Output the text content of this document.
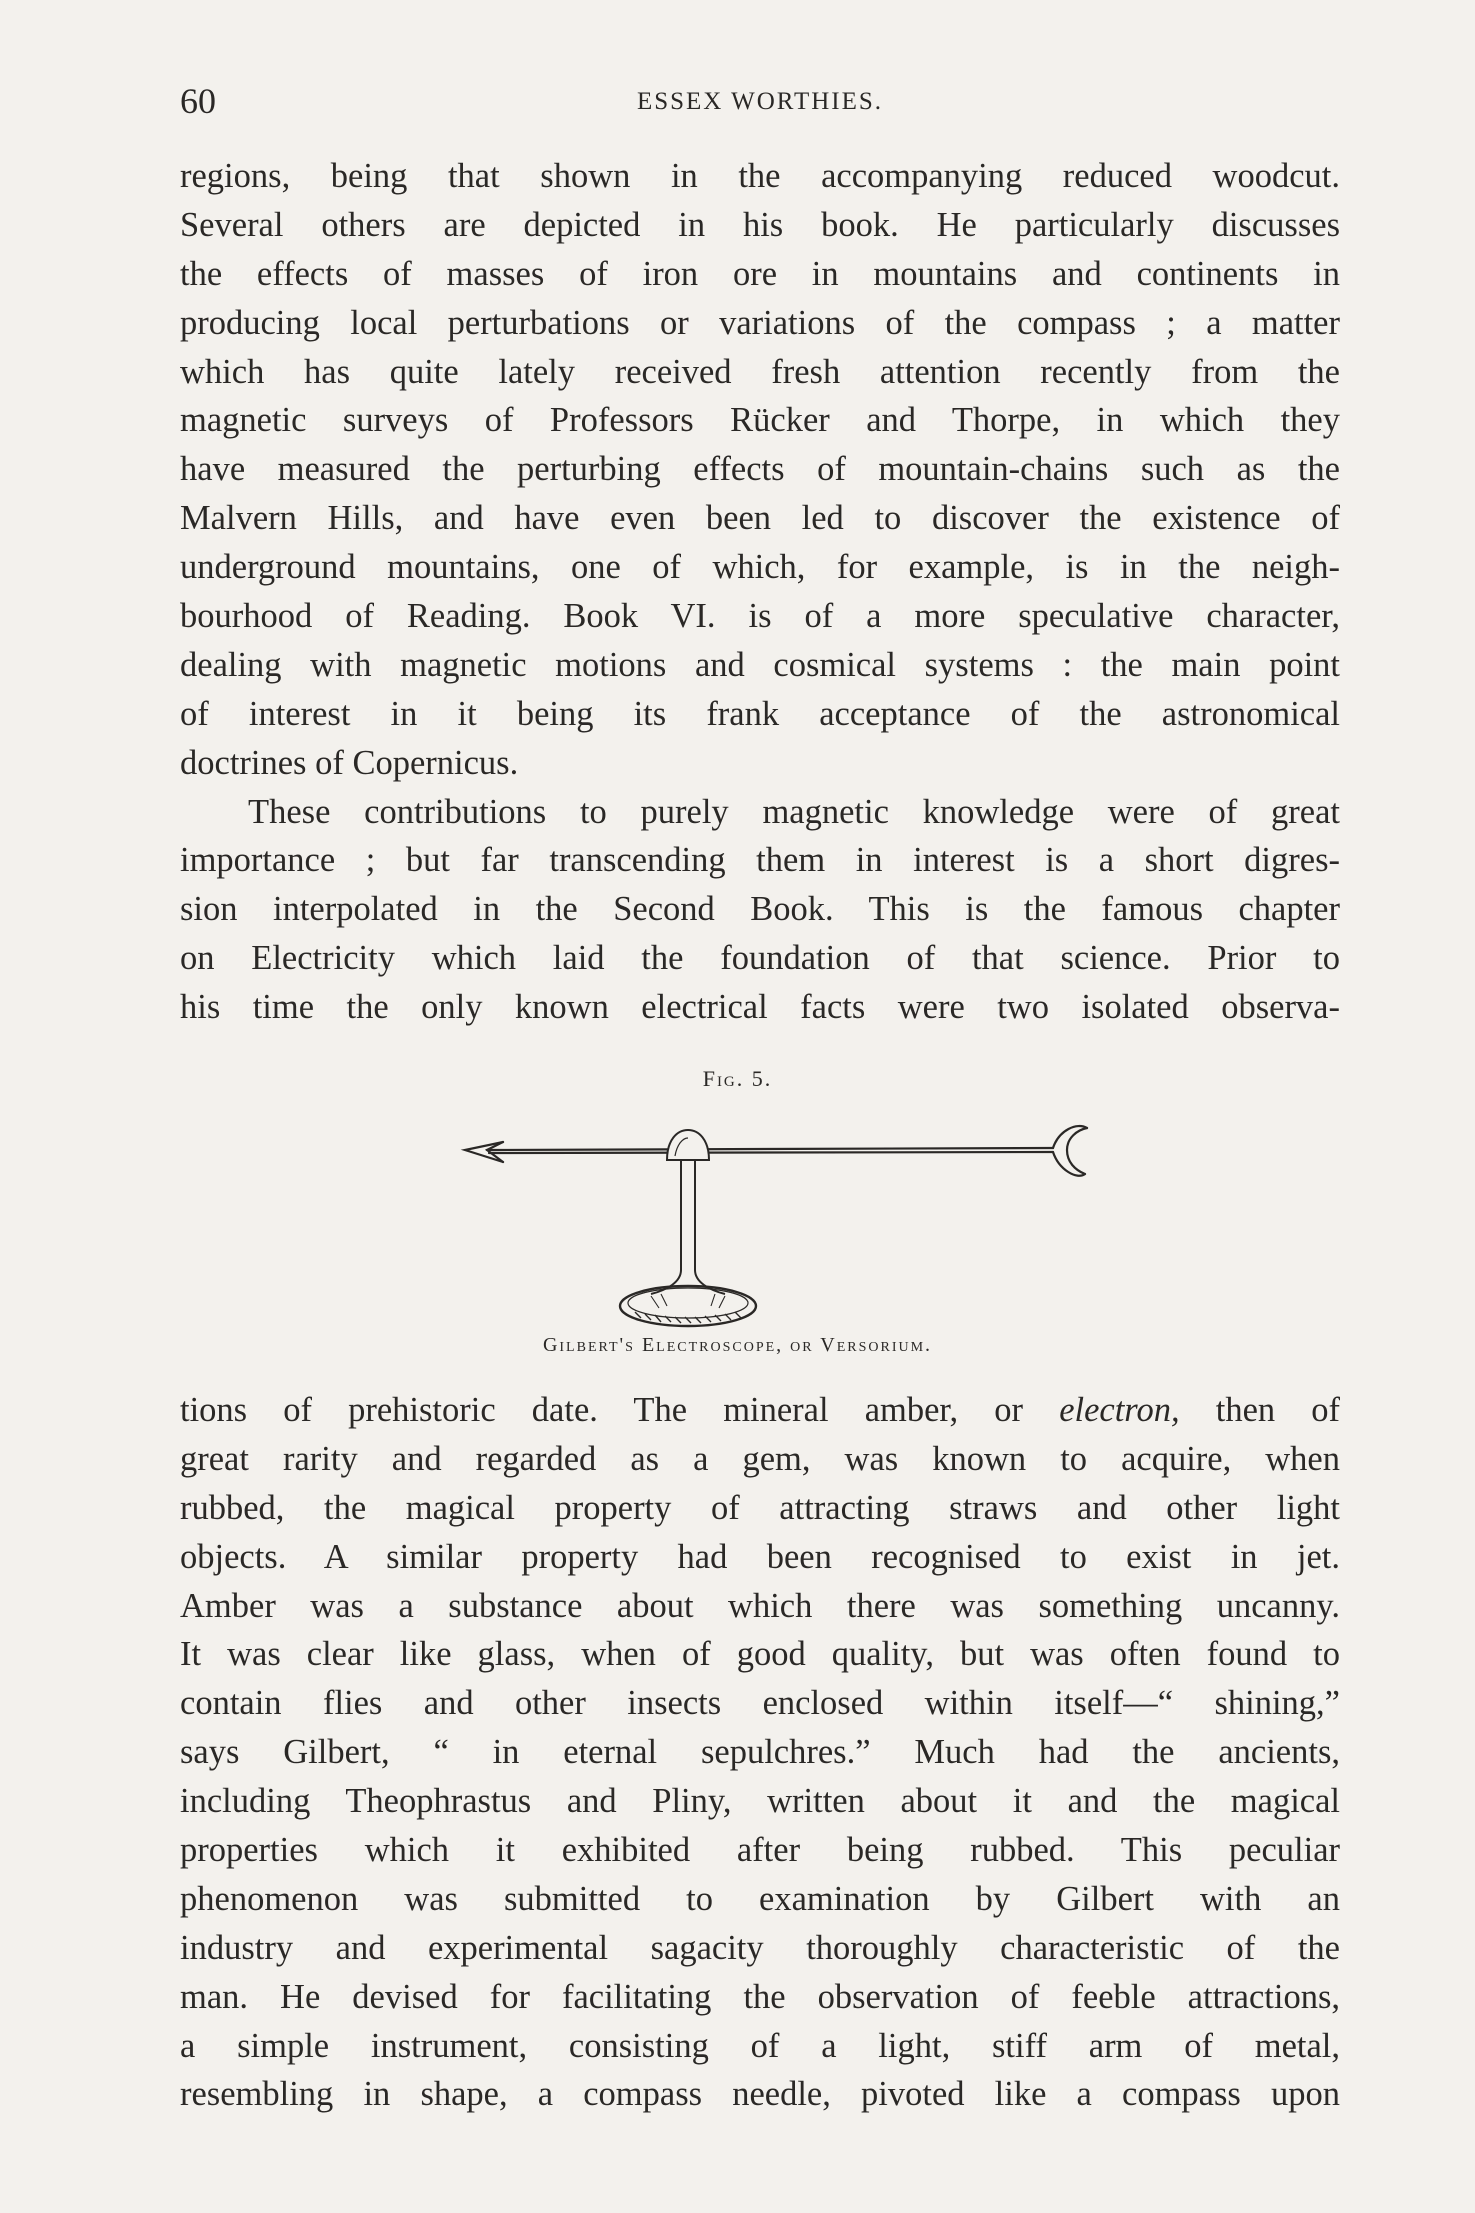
60	ESSEX WORTHIES.
regions, being that shown in the accompanying reduced woodcut.
Several others are depicted in his book. He particularly discusses
the effects of masses of iron ore in mountains and continents in
producing local perturbations or variations of the compass ; a matter
which has quite lately received fresh attention recently from the
magnetic surveys of Professors Rücker and Thorpe, in which they
have measured the perturbing effects of mountain-chains such as the
Malvern Hills, and have even been led to discover the existence of
underground mountains, one of which, for example, is in the neigh-
bourhood of Reading. Book VI. is of a more speculative character,
dealing with magnetic motions and cosmical systems : the main point
of interest in it being its frank acceptance of the astronomical
doctrines of Copernicus.
These contributions to purely magnetic knowledge were of great
importance ; but far transcending them in interest is a short digres-
sion interpolated in the Second Book. This is the famous chapter
on Electricity which laid the foundation of that science. Prior to
his time the only known electrical facts were two isolated observa-
Fig. 5.
Gilbert's Electroscope, or Versorium.
tions of prehistoric date. The mineral amber, or electron, then of
great rarity and regarded as a gem, was known to acquire, when
rubbed, the magical property of attracting straws and other light
objects. A similar property had been recognised to exist in jet.
Amber was a substance about which there was something uncanny.
It was clear like glass, when of good quality, but was often found to
contain flies and other insects enclosed within itself—“ shining,”
says Gilbert, “ in eternal sepulchres.” Much had the ancients,
including Theophrastus and Pliny, written about it and the magical
properties which it exhibited after being rubbed. This peculiar
phenomenon was submitted to examination by Gilbert with an
industry and experimental sagacity thoroughly characteristic of the
man. He devised for facilitating the observation of feeble attractions,
a simple instrument, consisting of a light, stiff arm of metal,
resembling in shape, a compass needle, pivoted like a compass upon
